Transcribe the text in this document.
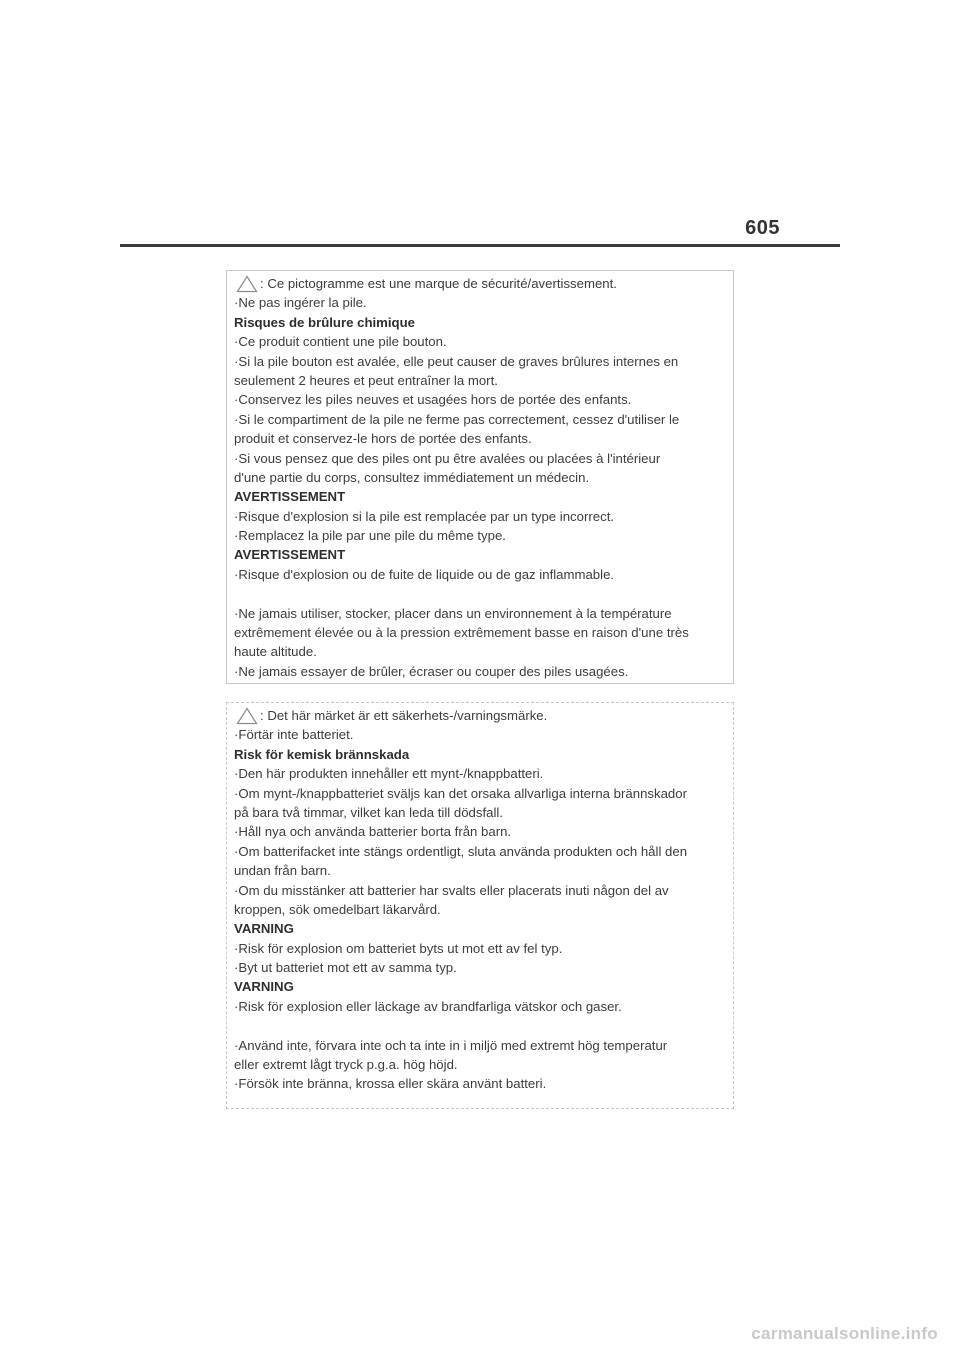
605
: Ce pictogramme est une marque de sécurité/avertissement.
·Ne pas ingérer la pile.
Risques de brûlure chimique
·Ce produit contient une pile bouton.
·Si la pile bouton est avalée, elle peut causer de graves brûlures internes en
seulement 2 heures et peut entraîner la mort.
·Conservez les piles neuves et usagées hors de portée des enfants.
·Si le compartiment de la pile ne ferme pas correctement, cessez d'utiliser le
produit et conservez-le hors de portée des enfants.
·Si vous pensez que des piles ont pu être avalées ou placées à l'intérieur
d'une partie du corps, consultez immédiatement un médecin.
AVERTISSEMENT
·Risque d'explosion si la pile est remplacée par un type incorrect.
·Remplacez la pile par une pile du même type.
AVERTISSEMENT
·Risque d'explosion ou de fuite de liquide ou de gaz inflammable.
·Ne jamais utiliser, stocker, placer dans un environnement à la température
extrêmement élevée ou à la pression extrêmement basse en raison d'une très
haute altitude.
·Ne jamais essayer de brûler, écraser ou couper des piles usagées.
: Det här märket är ett säkerhets-/varningsmärke.
·Förtär inte batteriet.
Risk för kemisk brännskada
·Den här produkten innehåller ett mynt-/knappbatteri.
·Om mynt-/knappbatteriet sväljs kan det orsaka allvarliga interna brännskador
på bara två timmar, vilket kan leda till dödsfall.
·Håll nya och använda batterier borta från barn.
·Om batterifacket inte stängs ordentligt, sluta använda produkten och håll den
undan från barn.
·Om du misstänker att batterier har svalts eller placerats inuti någon del av
kroppen, sök omedelbart läkarvård.
VARNING
·Risk för explosion om batteriet byts ut mot ett av fel typ.
·Byt ut batteriet mot ett av samma typ.
VARNING
·Risk för explosion eller läckage av brandfarliga vätskor och gaser.
·Använd inte, förvara inte och ta inte in i miljö med extremt hög temperatur
eller extremt lågt tryck p.g.a. hög höjd.
·Försök inte bränna, krossa eller skära använt batteri.
carmanualsonline.info
